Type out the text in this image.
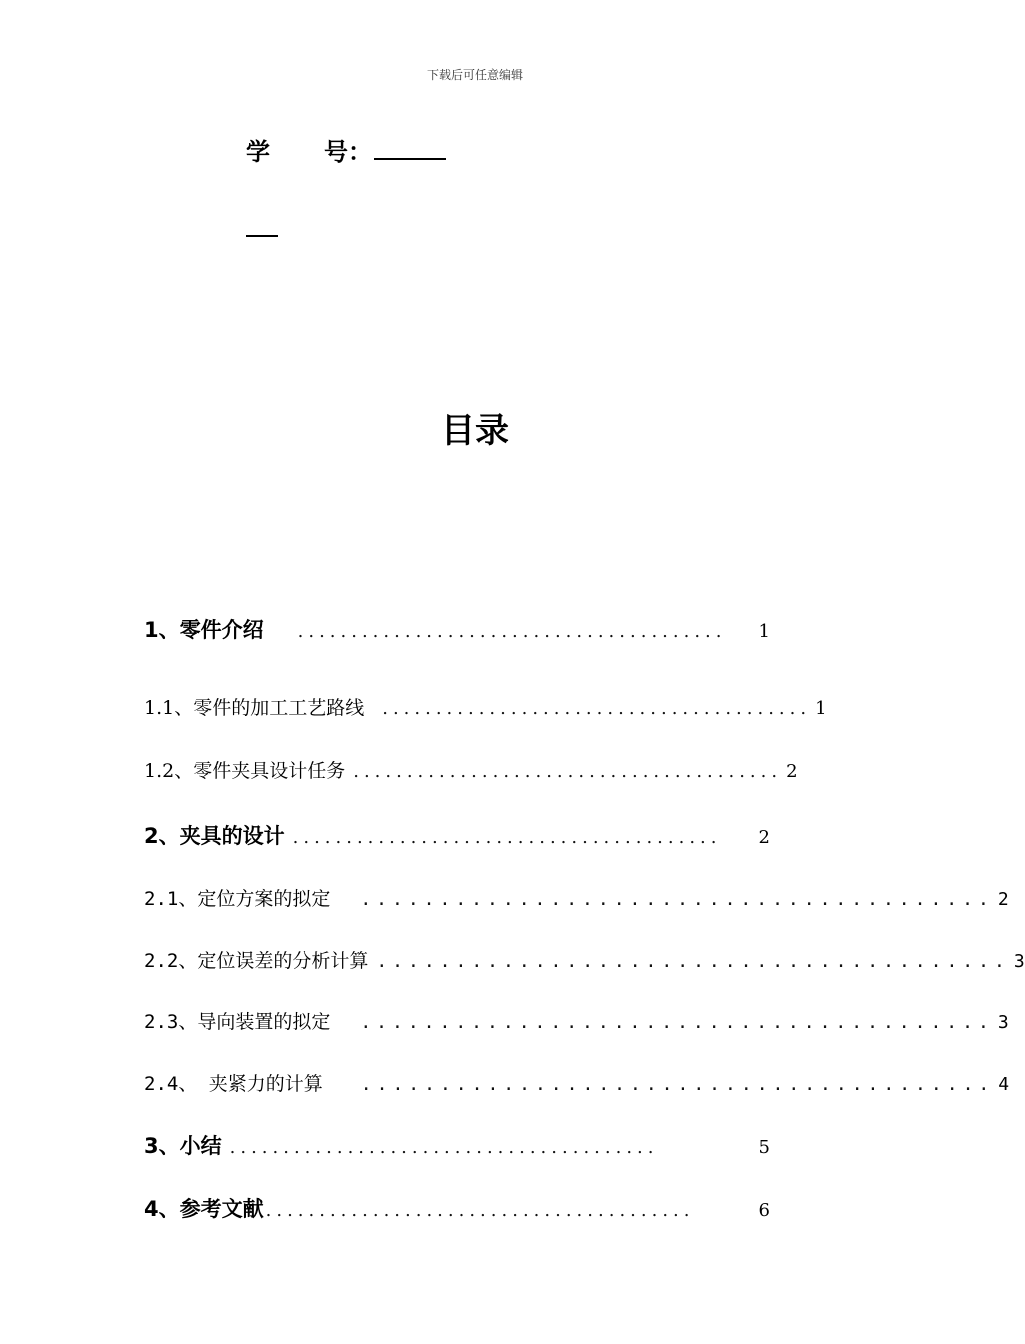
下载后可任意编辑
学 号：
目录
1、零件介绍 ........................................	1
1.1、零件的加工工艺路线 ........................................ 1
1.2、零件夹具设计任务 ........................................ 2
2、夹具的设计 ........................................	2
2.1、定位方案的拟定 ........................................ 2
2.2、定位误差的分析计算 ........................................ 3
2.3、导向装置的拟定 ........................................ 3
2.4、 夹紧力的计算 ........................................ 4
3、小结 ........................................	5
4、参考文献 ........................................	6
